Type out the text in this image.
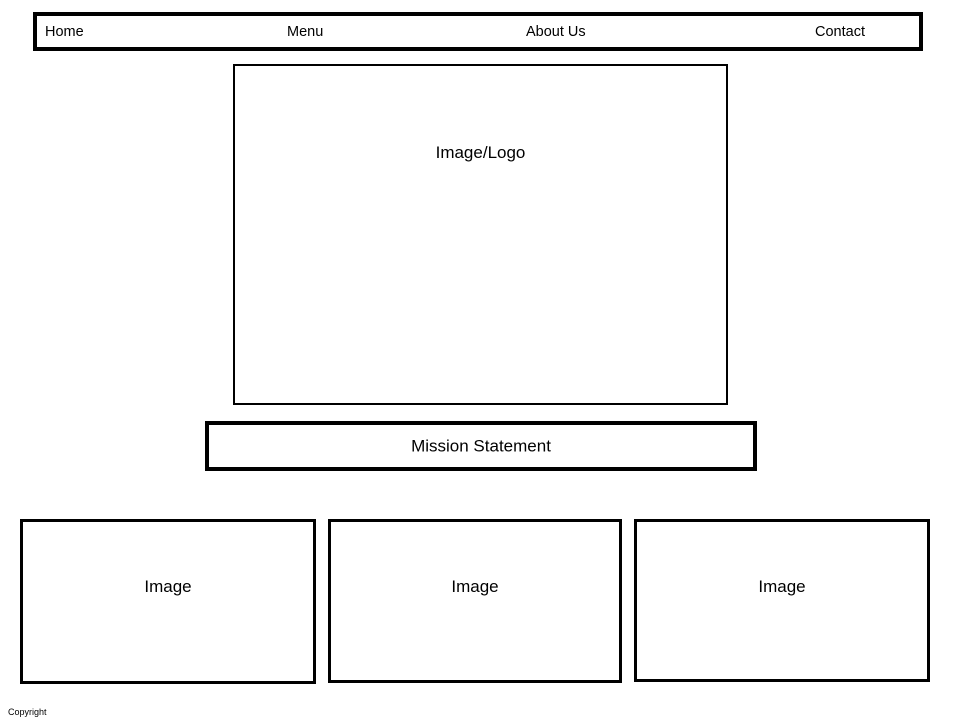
Home	Menu	About Us	Contact
Image/Logo
Mission Statement
Image	Image	Image
Copyright
